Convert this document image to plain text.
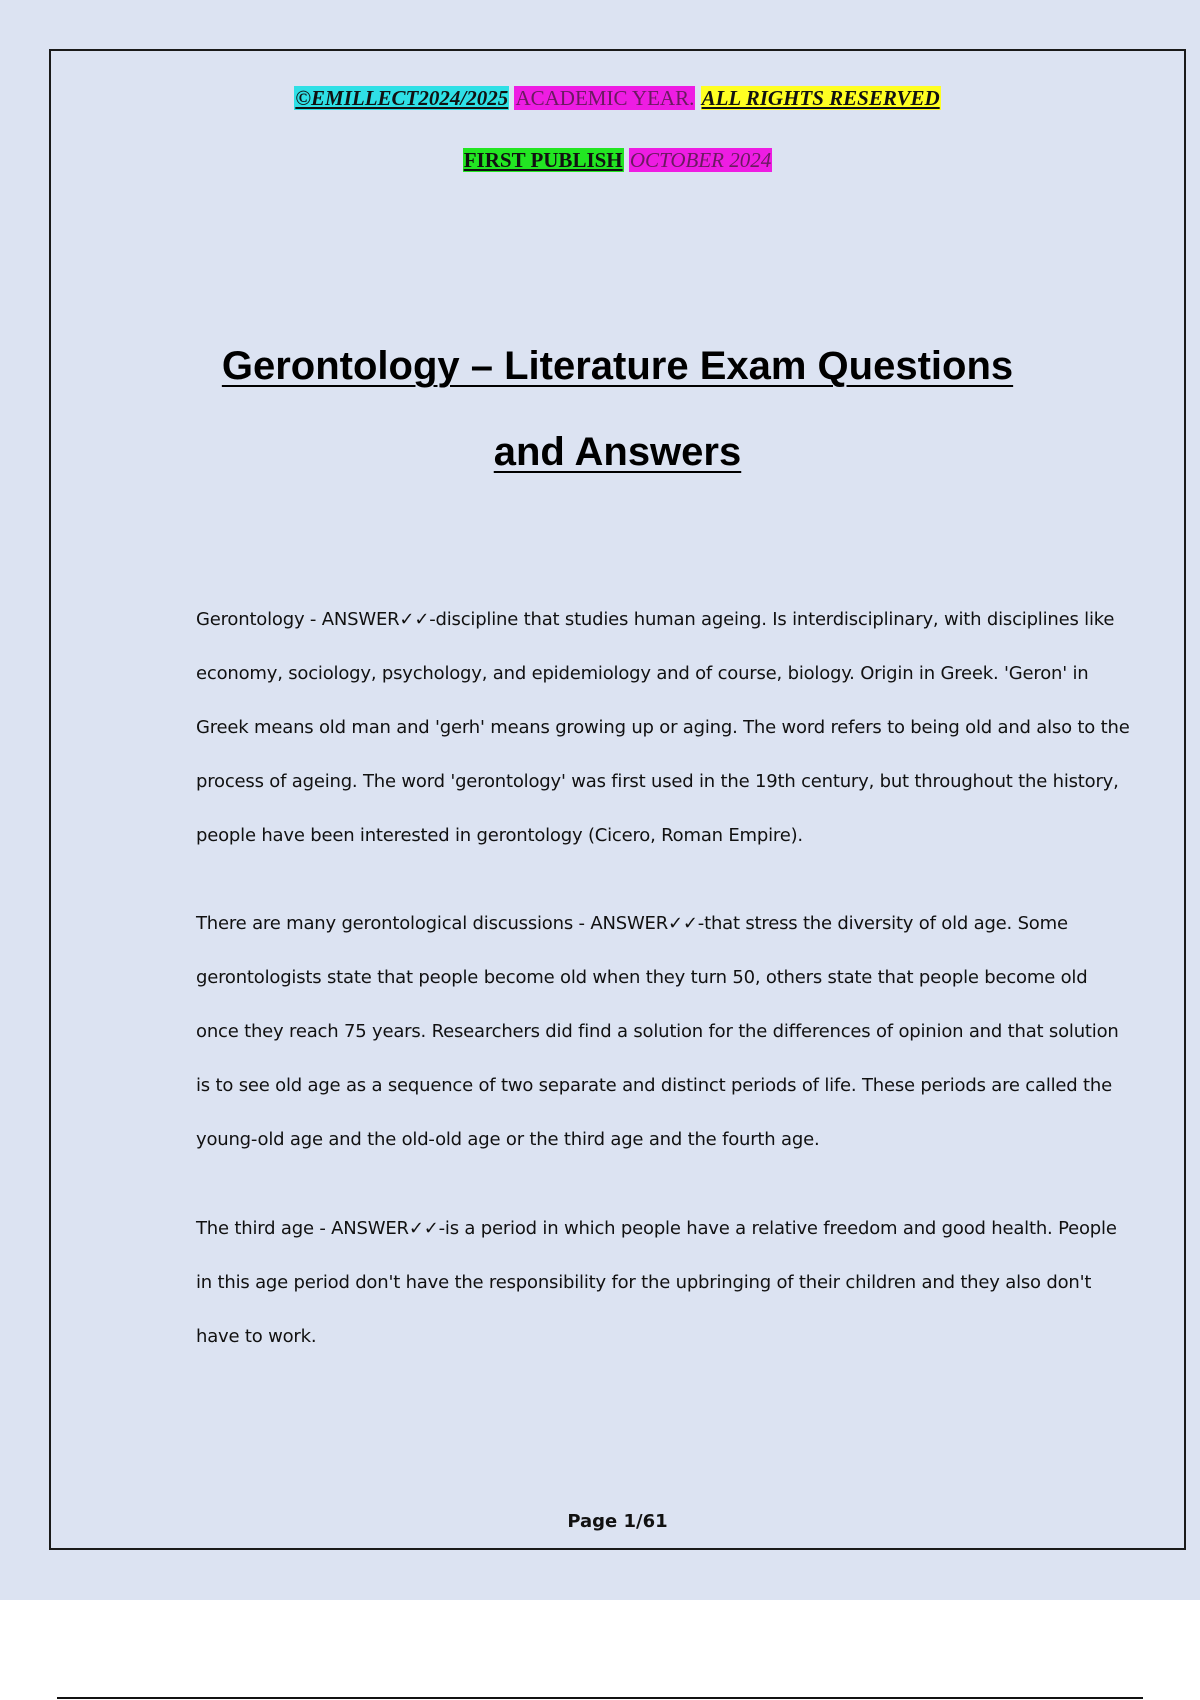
©EMILLECT2024/2025 ACADEMIC YEAR. ALL RIGHTS RESERVED
FIRST PUBLISH OCTOBER 2024
Gerontology – Literature Exam Questions
and Answers

Gerontology - ANSWER✓✓-discipline that studies human ageing. Is interdisciplinary, with disciplines like

economy, sociology, psychology, and epidemiology and of course, biology. Origin in Greek. 'Geron' in

Greek means old man and 'gerh' means growing up or aging. The word refers to being old and also to the

process of ageing. The word 'gerontology' was first used in the 19th century, but throughout the history,

people have been interested in gerontology (Cicero, Roman Empire).

There are many gerontological discussions - ANSWER✓✓-that stress the diversity of old age. Some

gerontologists state that people become old when they turn 50, others state that people become old

once they reach 75 years. Researchers did find a solution for the differences of opinion and that solution

is to see old age as a sequence of two separate and distinct periods of life. These periods are called the

young-old age and the old-old age or the third age and the fourth age.

The third age - ANSWER✓✓-is a period in which people have a relative freedom and good health. People

in this age period don't have the responsibility for the upbringing of their children and they also don't

have to work.

Page 1/61
